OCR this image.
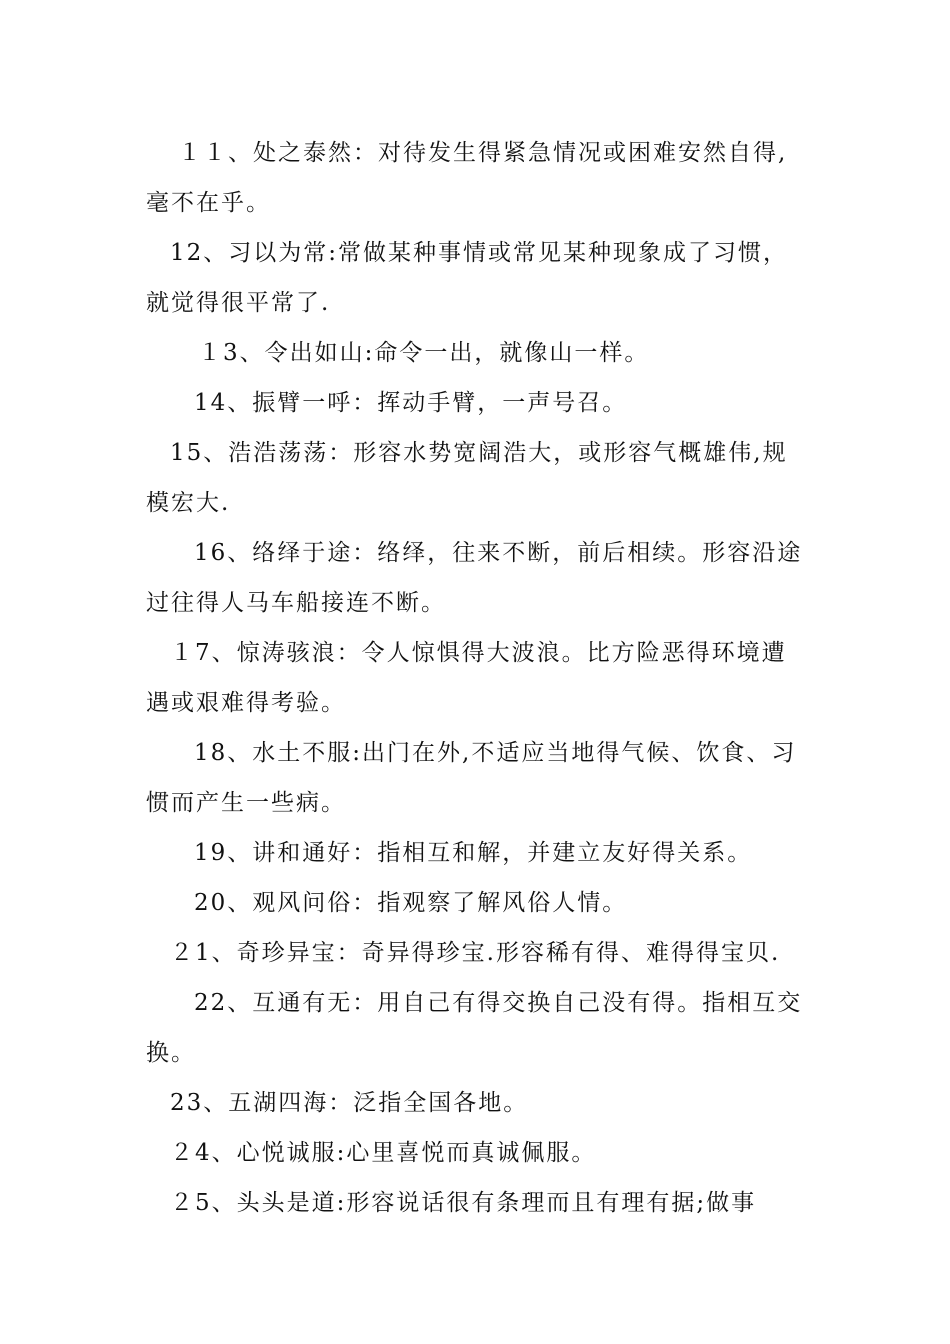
１１、处之泰然：对待发生得紧急情况或困难安然自得,毫不在乎。

12、习以为常:常做某种事情或常见某种现象成了习惯，就觉得很平常了.

１3、令出如山:命令一出，就像山一样。

14、振臂一呼：挥动手臂，一声号召。

15、浩浩荡荡：形容水势宽阔浩大，或形容气概雄伟,规模宏大.

16、络绎于途：络绎，往来不断，前后相续。形容沿途过往得人马车船接连不断。

１7、惊涛骇浪：令人惊惧得大波浪。比方险恶得环境遭遇或艰难得考验。

18、水土不服:出门在外,不适应当地得气候、饮食、习惯而产生一些病。

19、讲和通好：指相互和解，并建立友好得关系。

20、观风问俗：指观察了解风俗人情。

２1、奇珍异宝：奇异得珍宝.形容稀有得、难得得宝贝.

22、互通有无：用自己有得交换自己没有得。指相互交换。

23、五湖四海：泛指全国各地。

２4、心悦诚服:心里喜悦而真诚佩服。

２5、头头是道:形容说话很有条理而且有理有据;做事
